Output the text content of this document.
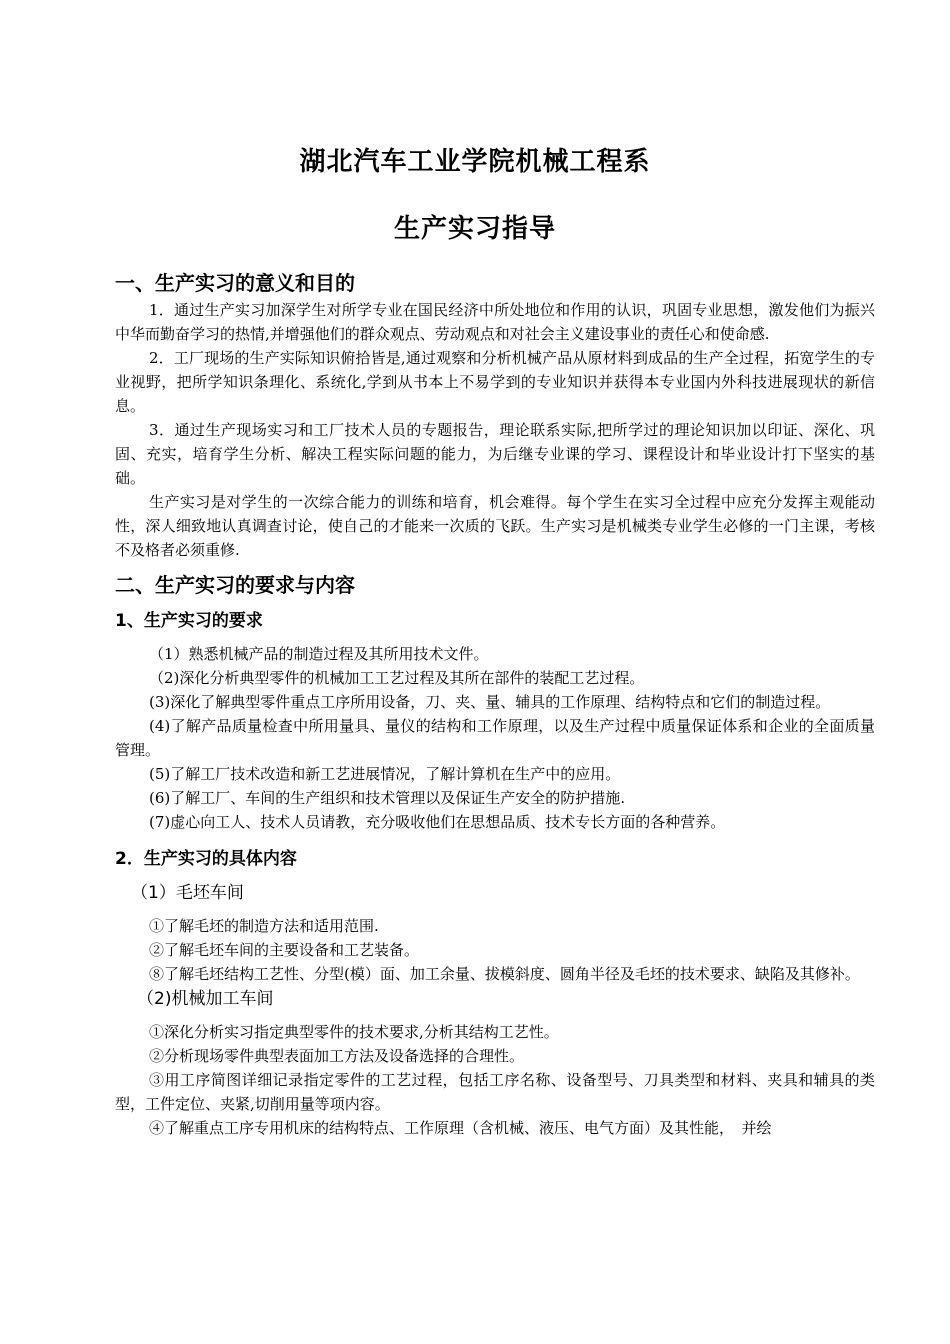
湖北汽车工业学院机械工程系
生产实习指导
一、生产实习的意义和目的

1．通过生产实习加深学生对所学专业在国民经济中所处地位和作用的认识，巩固专业思想，激发他们为振兴中华而勤奋学习的热情,并增强他们的群众观点、劳动观点和对社会主义建设事业的责任心和使命感.

2．工厂现场的生产实际知识俯拾皆是,通过观察和分析机械产品从原材料到成品的生产全过程，拓宽学生的专业视野，把所学知识条理化、系统化,学到从书本上不易学到的专业知识并获得本专业国内外科技进展现状的新信息。

3．通过生产现场实习和工厂技术人员的专题报告，理论联系实际,把所学过的理论知识加以印证、深化、巩固、充实，培育学生分析、解决工程实际问题的能力，为后继专业课的学习、课程设计和毕业设计打下坚实的基础。

生产实习是对学生的一次综合能力的训练和培育，机会难得。每个学生在实习全过程中应充分发挥主观能动性，深人细致地认真调查讨论，使自己的才能来一次质的飞跃。生产实习是机械类专业学生必修的一门主课，考核不及格者必须重修.

二、生产实习的要求与内容
1、生产实习的要求

（1）熟悉机械产品的制造过程及其所用技术文件。

（2)深化分析典型零件的机械加工工艺过程及其所在部件的装配工艺过程。

(3)深化了解典型零件重点工序所用设备，刀、夹、量、辅具的工作原理、结构特点和它们的制造过程。

(4)了解产品质量检查中所用量具、量仪的结构和工作原理，以及生产过程中质量保证体系和企业的全面质量管理。

(5)了解工厂技术改造和新工艺进展情况，了解计算机在生产中的应用。

(6)了解工厂、车间的生产组织和技术管理以及保证生产安全的防护措施.

(7)虚心向工人、技术人员请教，充分吸收他们在思想品质、技术专长方面的各种营养。

2．生产实习的具体内容
（1）毛坯车间

①了解毛坯的制造方法和适用范围.

②了解毛坯车间的主要设备和工艺装备。

⑧了解毛坯结构工艺性、分型(模）面、加工余量、拔模斜度、圆角半径及毛坯的技术要求、缺陷及其修补。

（2)机械加工车间

①深化分析实习指定典型零件的技术要求,分析其结构工艺性。

②分析现场零件典型表面加工方法及设备选择的合理性。

③用工序简图详细记录指定零件的工艺过程，包括工序名称、设备型号、刀具类型和材料、夹具和辅具的类型，工件定位、夹紧,切削用量等项内容。

④了解重点工序专用机床的结构特点、工作原理（含机械、液压、电气方面）及其性能，　并绘
